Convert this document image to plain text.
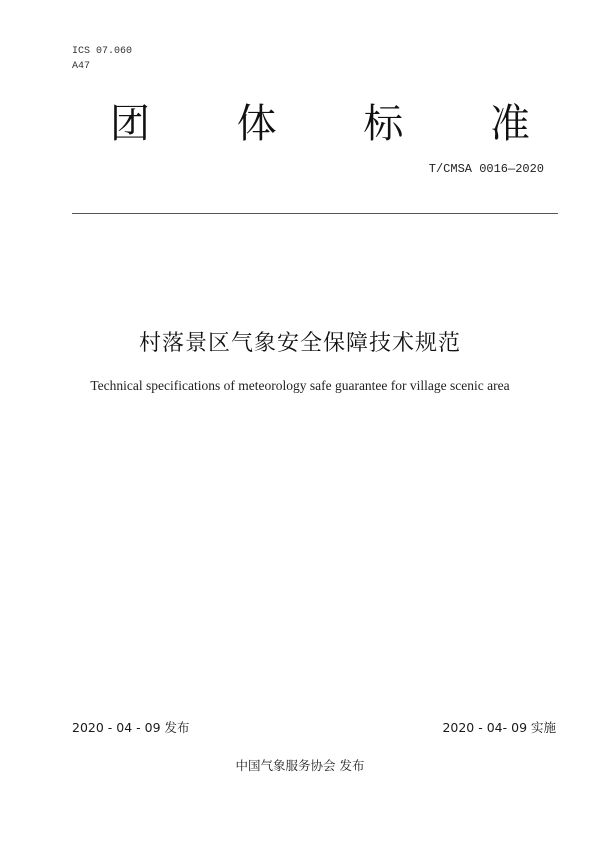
ICS 07.060
A47
团 体 标 准
T/CMSA 0016—2020
村落景区气象安全保障技术规范
Technical specifications of meteorology safe guarantee for village scenic area
2020 - 04 - 09 发布	2020 - 04- 09 实施
中国气象服务协会 发布
